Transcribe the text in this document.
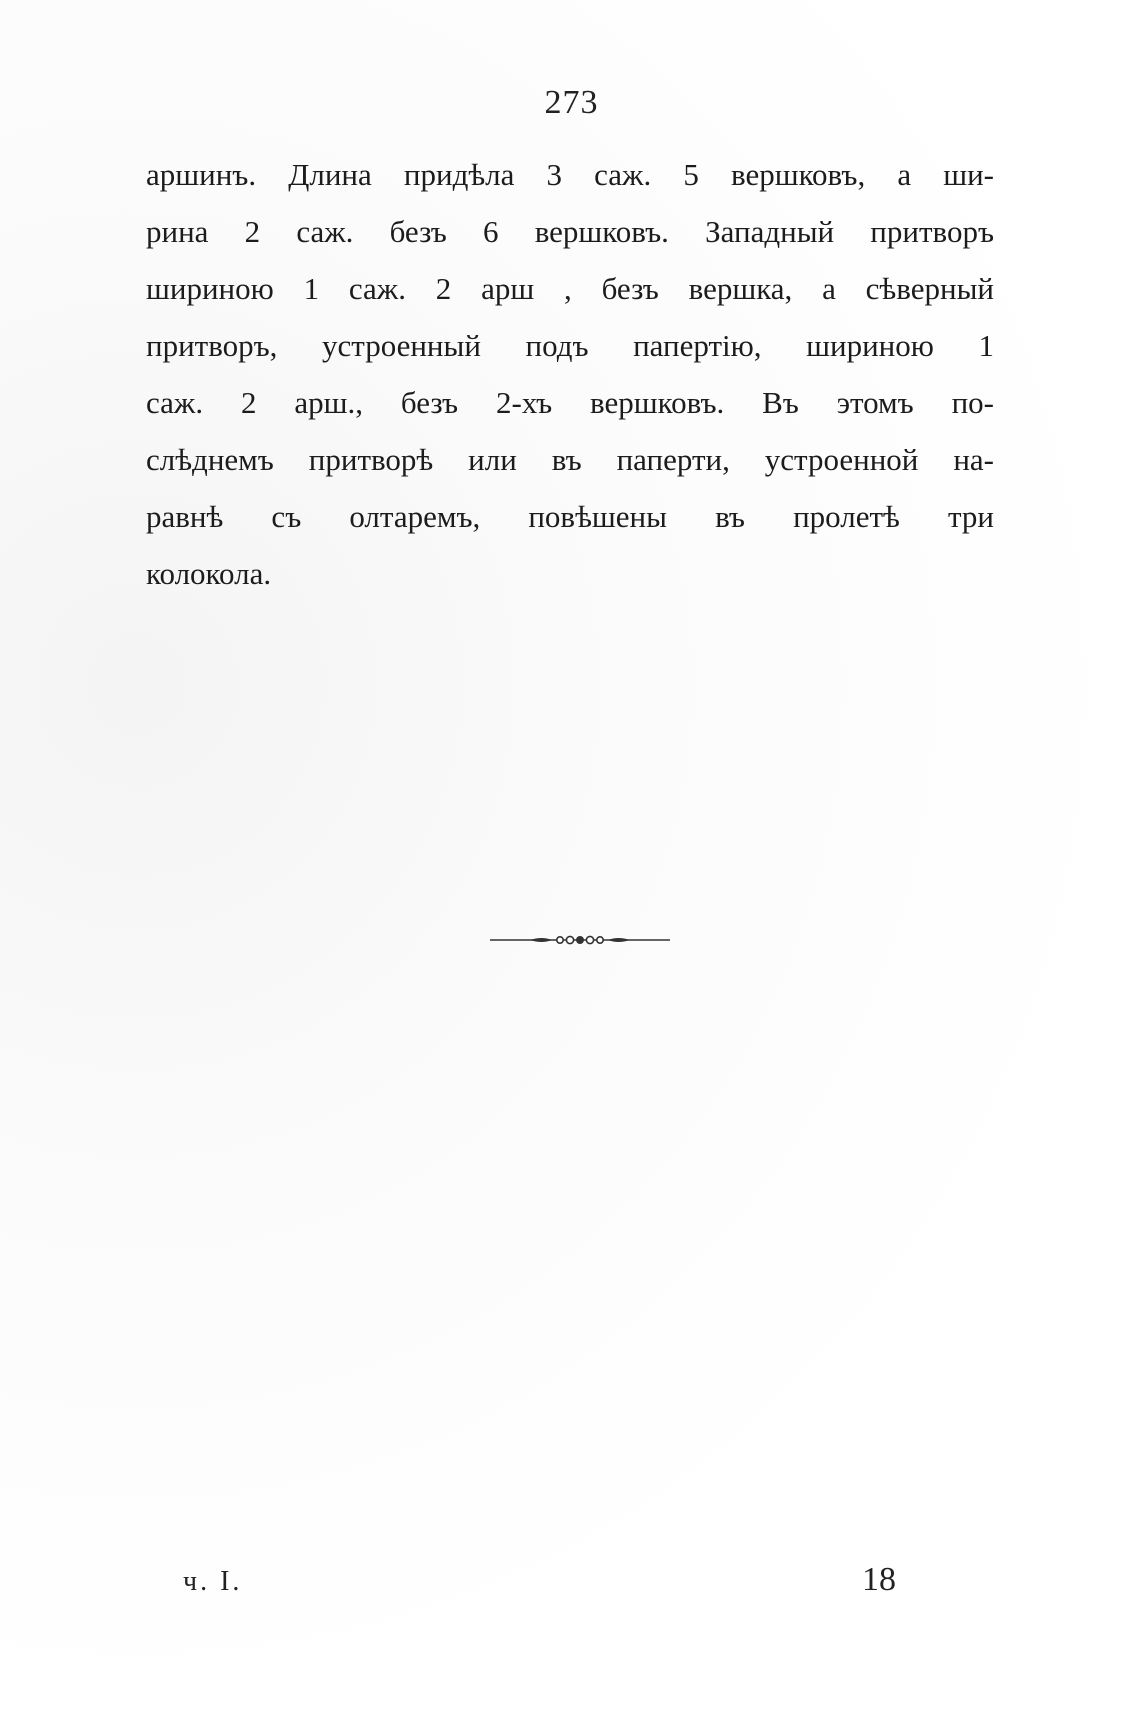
273
аршинъ. Длина придѣла 3 саж. 5 вершковъ, а ши-
рина 2 саж. безъ 6 вершковъ. Западный притворъ
шириною 1 саж. 2 арш , безъ вершка, а сѣверный
притворъ, устроенный подъ папертію, шириною 1
саж. 2 арш., безъ 2-хъ вершковъ. Въ этомъ по-
слѣднемъ притворѣ или въ паперти, устроенной на-
равнѣ съ олтаремъ, повѣшены въ пролетѣ три
колокола.
ч. I.	18
